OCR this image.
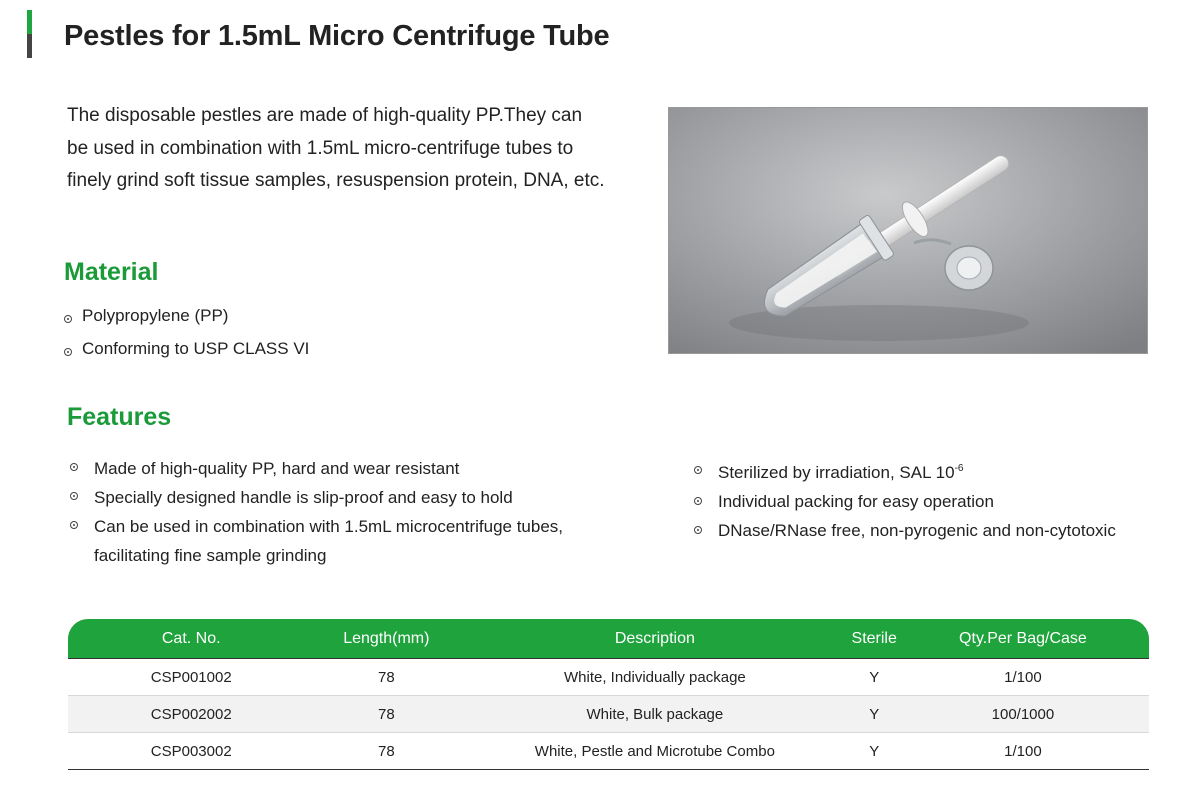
Pestles for 1.5mL Micro Centrifuge Tube

The disposable pestles are made of high-quality PP.They can be used in combination with 1.5mL micro-centrifuge tubes to finely grind soft tissue samples, resuspension protein, DNA, etc.

Material
Polypropylene (PP)
Conforming to USP CLASS VI
Features
Made of high-quality PP, hard and wear resistant
Specially designed handle is slip-proof and easy to hold
Can be used in combination with 1.5mL microcentrifuge tubes, facilitating fine sample grinding
Sterilized by irradiation, SAL $10^{-6}$
Individual packing for easy operation
DNase/RNase free, non-pyrogenic and non-cytotoxic
Cat. No.	Length(mm)	Description	Sterile	Qty.Per Bag/Case
CSP001002	78	White, Individually package	Y	1/100
CSP002002	78	White, Bulk package	Y	100/1000
CSP003002	78	White, Pestle and Microtube Combo	Y	1/100
